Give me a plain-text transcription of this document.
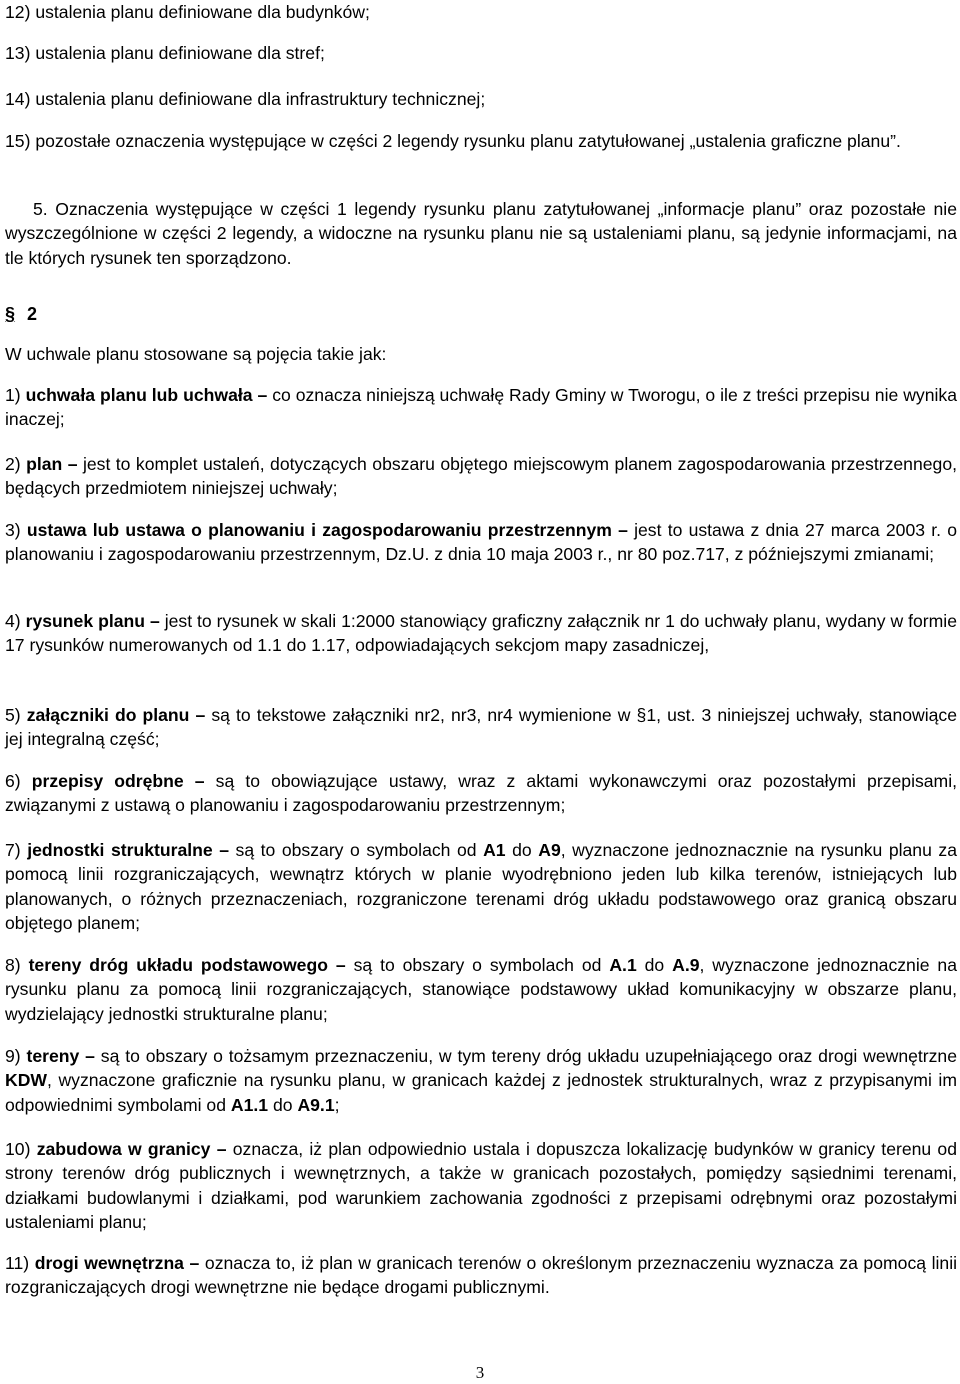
12) ustalenia planu definiowane dla budynków;

13) ustalenia planu definiowane dla stref;

14) ustalenia planu definiowane dla infrastruktury technicznej;

15) pozostałe oznaczenia występujące w części 2 legendy rysunku planu zatytułowanej „ustalenia graficzne planu”.

5. Oznaczenia występujące w części 1 legendy rysunku planu zatytułowanej „informacje planu” oraz pozostałe nie wyszczególnione w części 2 legendy, a widoczne na rysunku planu nie są ustaleniami planu, są jedynie informacjami, na tle których rysunek ten sporządzono.

§ 2

W uchwale planu stosowane są pojęcia takie jak:

1) uchwała planu lub uchwała – co oznacza niniejszą uchwałę Rady Gminy w Tworogu, o ile z treści przepisu nie wynika inaczej;

2) plan – jest to komplet ustaleń, dotyczących obszaru objętego miejscowym planem zagospodarowania przestrzennego, będących przedmiotem niniejszej uchwały;

3) ustawa lub ustawa o planowaniu i zagospodarowaniu przestrzennym – jest to ustawa z dnia 27 marca 2003 r. o planowaniu i zagospodarowaniu przestrzennym, Dz.U. z dnia 10 maja 2003 r., nr 80 poz.717, z późniejszymi zmianami;

4) rysunek planu – jest to rysunek w skali 1:2000 stanowiący graficzny załącznik nr 1 do uchwały planu, wydany w formie 17 rysunków numerowanych od 1.1 do 1.17, odpowiadających sekcjom mapy zasadniczej,

5) załączniki do planu – są to tekstowe załączniki nr2, nr3, nr4 wymienione w §1, ust. 3 niniejszej uchwały, stanowiące jej integralną część;

6) przepisy odrębne – są to obowiązujące ustawy, wraz z aktami wykonawczymi oraz pozostałymi przepisami, związanymi z ustawą o planowaniu i zagospodarowaniu przestrzennym;

7) jednostki strukturalne – są to obszary o symbolach od A1 do A9, wyznaczone jednoznacznie na rysunku planu za pomocą linii rozgraniczających, wewnątrz których w planie wyodrębniono jeden lub kilka terenów, istniejących lub planowanych, o różnych przeznaczeniach, rozgraniczone terenami dróg układu podstawowego oraz granicą obszaru objętego planem;

8) tereny dróg układu podstawowego – są to obszary o symbolach od A.1 do A.9, wyznaczone jednoznacznie na rysunku planu za pomocą linii rozgraniczających, stanowiące podstawowy układ komunikacyjny w obszarze planu, wydzielający jednostki strukturalne planu;

9) tereny – są to obszary o tożsamym przeznaczeniu, w tym tereny dróg układu uzupełniającego oraz drogi wewnętrzne KDW, wyznaczone graficznie na rysunku planu, w granicach każdej z jednostek strukturalnych, wraz z przypisanymi im odpowiednimi symbolami od A1.1 do A9.1;

10) zabudowa w granicy – oznacza, iż plan odpowiednio ustala i dopuszcza lokalizację budynków w granicy terenu od strony terenów dróg publicznych i wewnętrznych, a także w granicach pozostałych, pomiędzy sąsiednimi terenami, działkami budowlanymi i działkami, pod warunkiem zachowania zgodności z przepisami odrębnymi oraz pozostałymi ustaleniami planu;

11) drogi wewnętrzna – oznacza to, iż plan w granicach terenów o określonym przeznaczeniu wyznacza za pomocą linii rozgraniczających drogi wewnętrzne nie będące drogami publicznymi.

3
